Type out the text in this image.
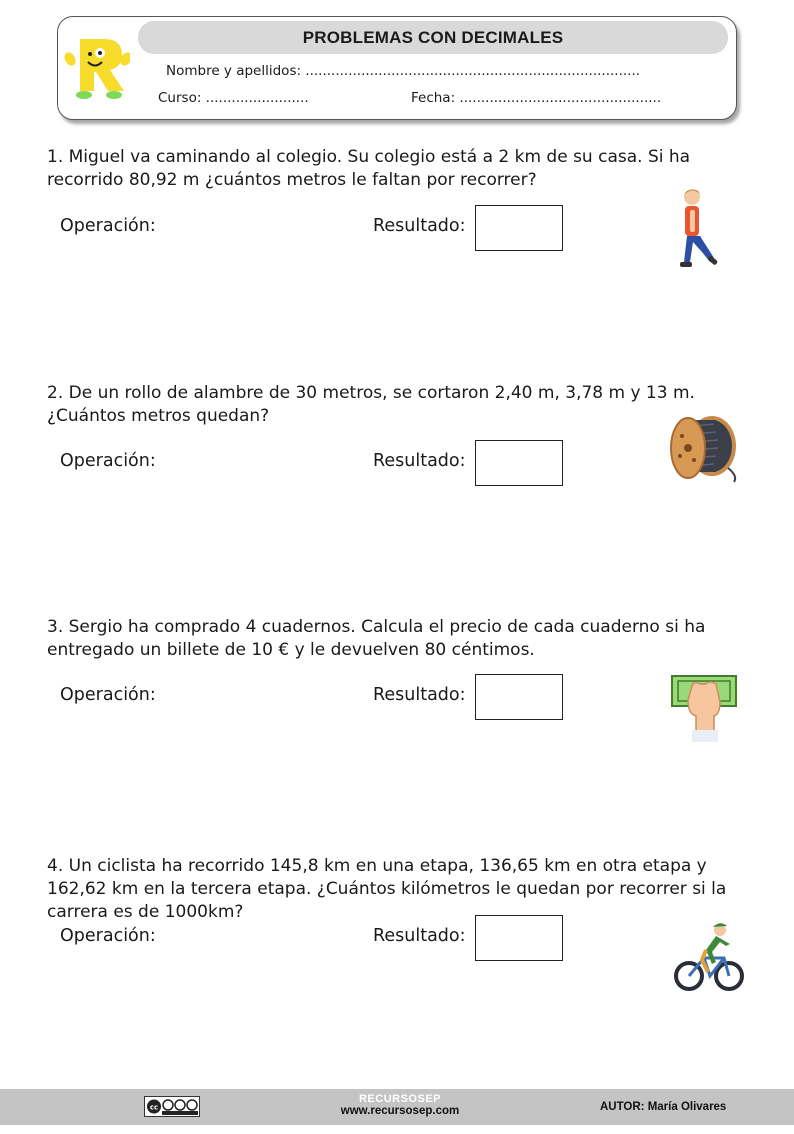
PROBLEMAS CON DECIMALES
Nombre y apellidos: ..............................................................................
Curso: ........................	Fecha: ...............................................
1. Miguel va caminando al colegio. Su colegio está a 2 km de su casa. Si ha recorrido 80,92 m ¿cuántos metros le faltan por recorrer?
Operación:	Resultado:
2. De un rollo de alambre de 30 metros, se cortaron 2,40 m, 3,78 m y 13 m. ¿Cuántos metros quedan?
Operación:	Resultado:
3. Sergio ha comprado 4 cuadernos. Calcula el precio de cada cuaderno si ha entregado un billete de 10 € y le devuelven 80 céntimos.
Operación:	Resultado:
4. Un ciclista ha recorrido 145,8 km en una etapa, 136,65 km en otra etapa y 162,62 km en la tercera etapa. ¿Cuántos kilómetros le quedan por recorrer si la carrera es de 1000km?
Operación:	Resultado:
cc
RECURSOSEP
www.recursosep.com	AUTOR: María Olivares
